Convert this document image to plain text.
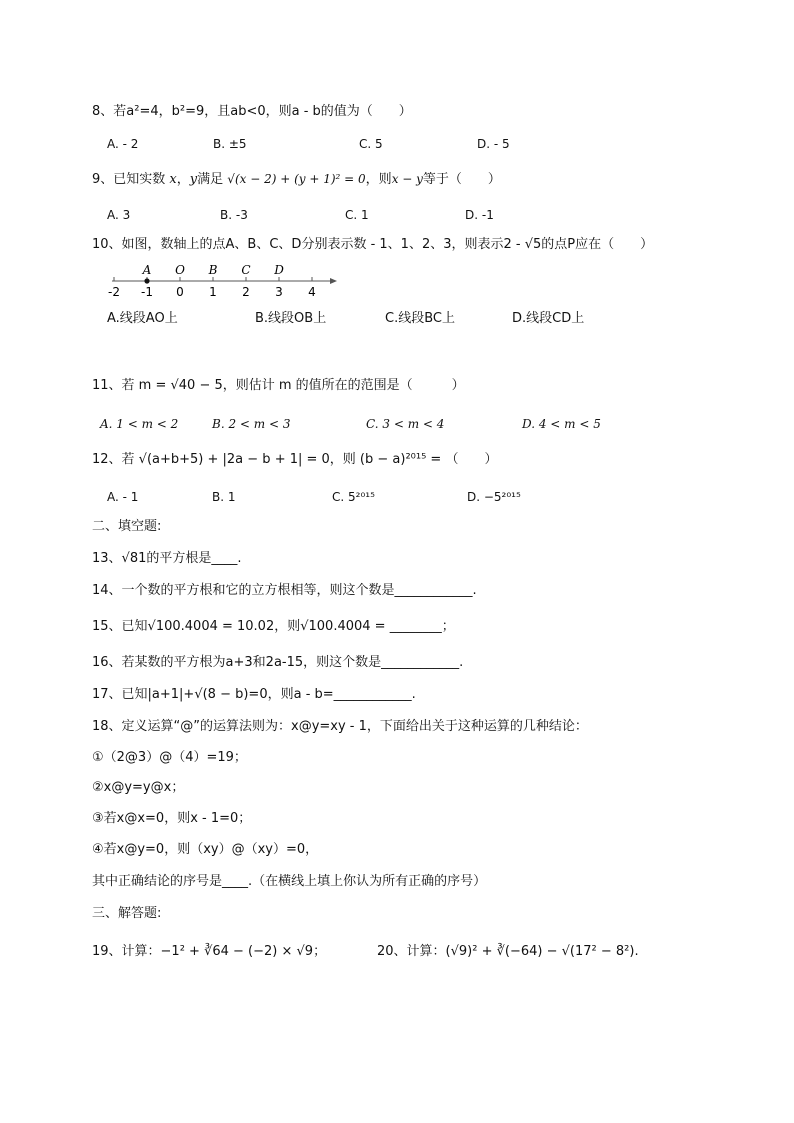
8、若a²=4，b²=9，且ab<0，则a - b的值为（　　）
A. - 2	B. ±5	C. 5	D. - 5
9、已知实数 x，y满足 √(x − 2) + (y + 1)² = 0，则x − y等于（　　）
A. 3	B. -3	C. 1	D. -1
10、如图，数轴上的点A、B、C、D分别表示数 - 1、1、2、3，则表示2 - √5的点P应在（　　）
-2 -1 0 1 2 3 4
A O B C D
A.线段AO上	B.线段OB上	C.线段BC上	D.线段CD上
11、若 m = √40 − 5，则估计 m 的值所在的范围是（　　　）
A. 1 < m < 2	B. 2 < m < 3	C. 3 < m < 4	D. 4 < m < 5
12、若 √(a+b+5) + |2a − b + 1| = 0，则 (b − a)²⁰¹⁵ = （　　）
A. - 1	B. 1	C. 5²⁰¹⁵	D. −5²⁰¹⁵
二、填空题:
13、√81的平方根是____.
14、一个数的平方根和它的立方根相等，则这个数是____________.
15、已知√100.4004 = 10.02，则√100.4004 = ________；
16、若某数的平方根为a+3和2a-15，则这个数是____________.
17、已知|a+1|+√(8 − b)=0，则a - b=____________.
18、定义运算“@”的运算法则为：x@y=xy - 1，下面给出关于这种运算的几种结论：
①（2@3）@（4）=19；
②x@y=y@x；
③若x@x=0，则x - 1=0；
④若x@y=0，则（xy）@（xy）=0，
其中正确结论的序号是____.（在横线上填上你认为所有正确的序号）
三、解答题:
19、计算：−1² + ∛64 − (−2) × √9；	20、计算：(√9)² + ∛(−64) − √(17² − 8²).
